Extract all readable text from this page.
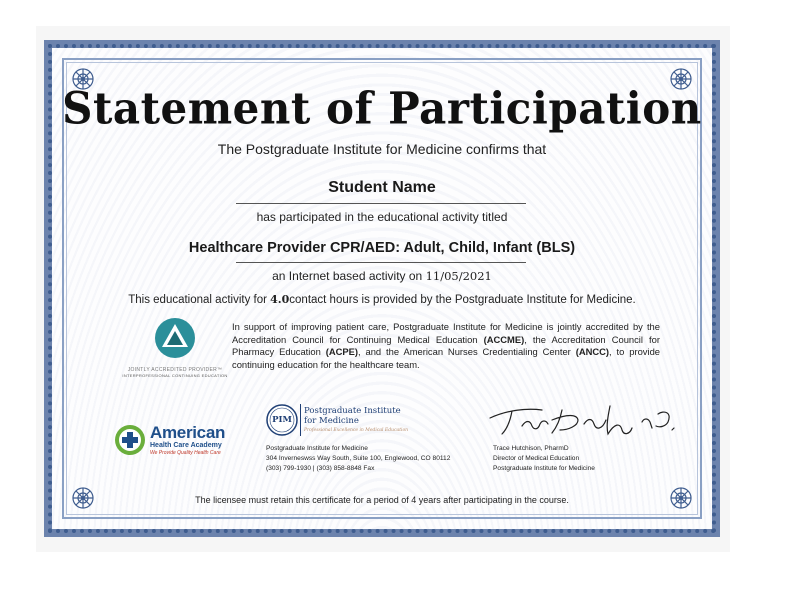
Statement of Participation
The Postgraduate Institute for Medicine confirms that
Student Name
has participated in the educational activity titled
Healthcare Provider CPR/AED: Adult, Child, Infant (BLS)
an Internet based activity on 11/05/2021
This educational activity for 4.0contact hours is provided by the Postgraduate Institute for Medicine.
JOINTLY ACCREDITED PROVIDER™
INTERPROFESSIONAL CONTINUING EDUCATION
In support of improving patient care, Postgraduate Institute for Medicine is jointly accredited by the Accreditation Council for Continuing Medical Education (ACCME), the Accreditation Council for Pharmacy Education (ACPE), and the American Nurses Credentialing Center (ANCC), to provide continuing education for the healthcare team.
American
Health Care Academy
We Provide Quality Health Care
PIM
Postgraduate Institute
for Medicine
Professional Excellence in Medical Education
Postgraduate Institute for Medicine
304 Inverneswss Way South, Suite 100, Englewood, CO 80112
(303) 799-1930 | (303) 858-8848 Fax
Trace Hutchison, PharmD
Director of Medical Education
Postgraduate Institute for Medicine
The licensee must retain this certificate for a period of 4 years after participating in the course.
